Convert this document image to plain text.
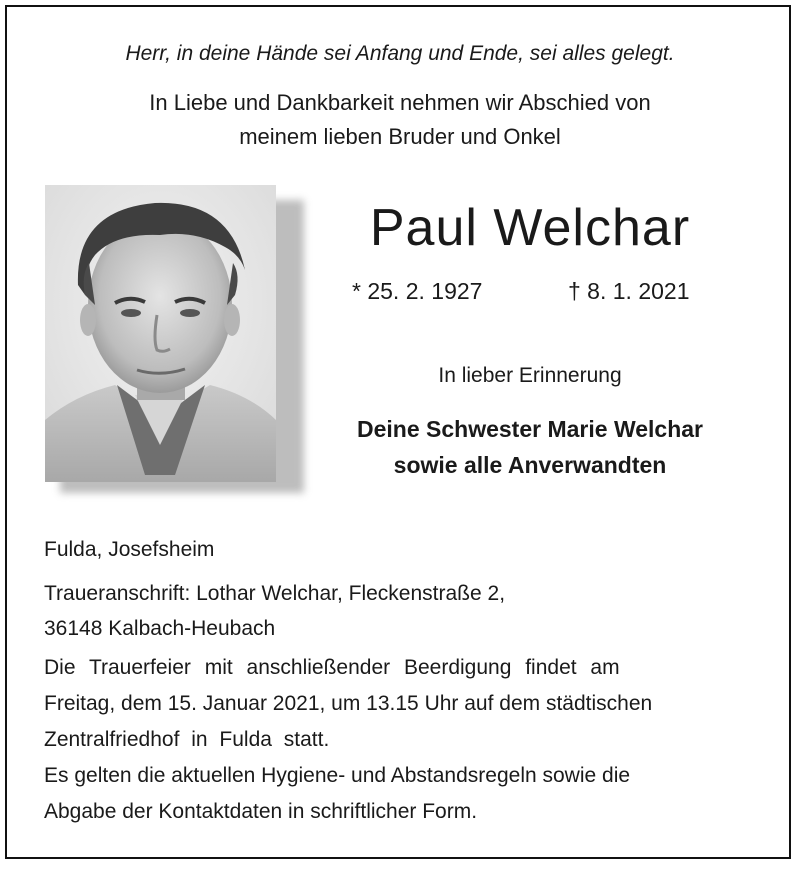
Herr, in deine Hände sei Anfang und Ende, sei alles gelegt.
In Liebe und Dankbarkeit nehmen wir Abschied von
meinem lieben Bruder und Onkel
Paul Welchar
* 25. 2. 1927	† 8. 1. 2021
In lieber Erinnerung
Deine Schwester Marie Welchar
sowie alle Anverwandten
Fulda, Josefsheim
Traueranschrift: Lothar Welchar, Fleckenstraße 2,
36148 Kalbach-Heubach
Die Trauerfeier mit anschließender Beerdigung findet am
Freitag, dem 15. Januar 2021, um 13.15 Uhr auf dem städtischen
Zentralfriedhof in Fulda statt.
Es gelten die aktuellen Hygiene- und Abstandsregeln sowie die
Abgabe der Kontaktdaten in schriftlicher Form.
